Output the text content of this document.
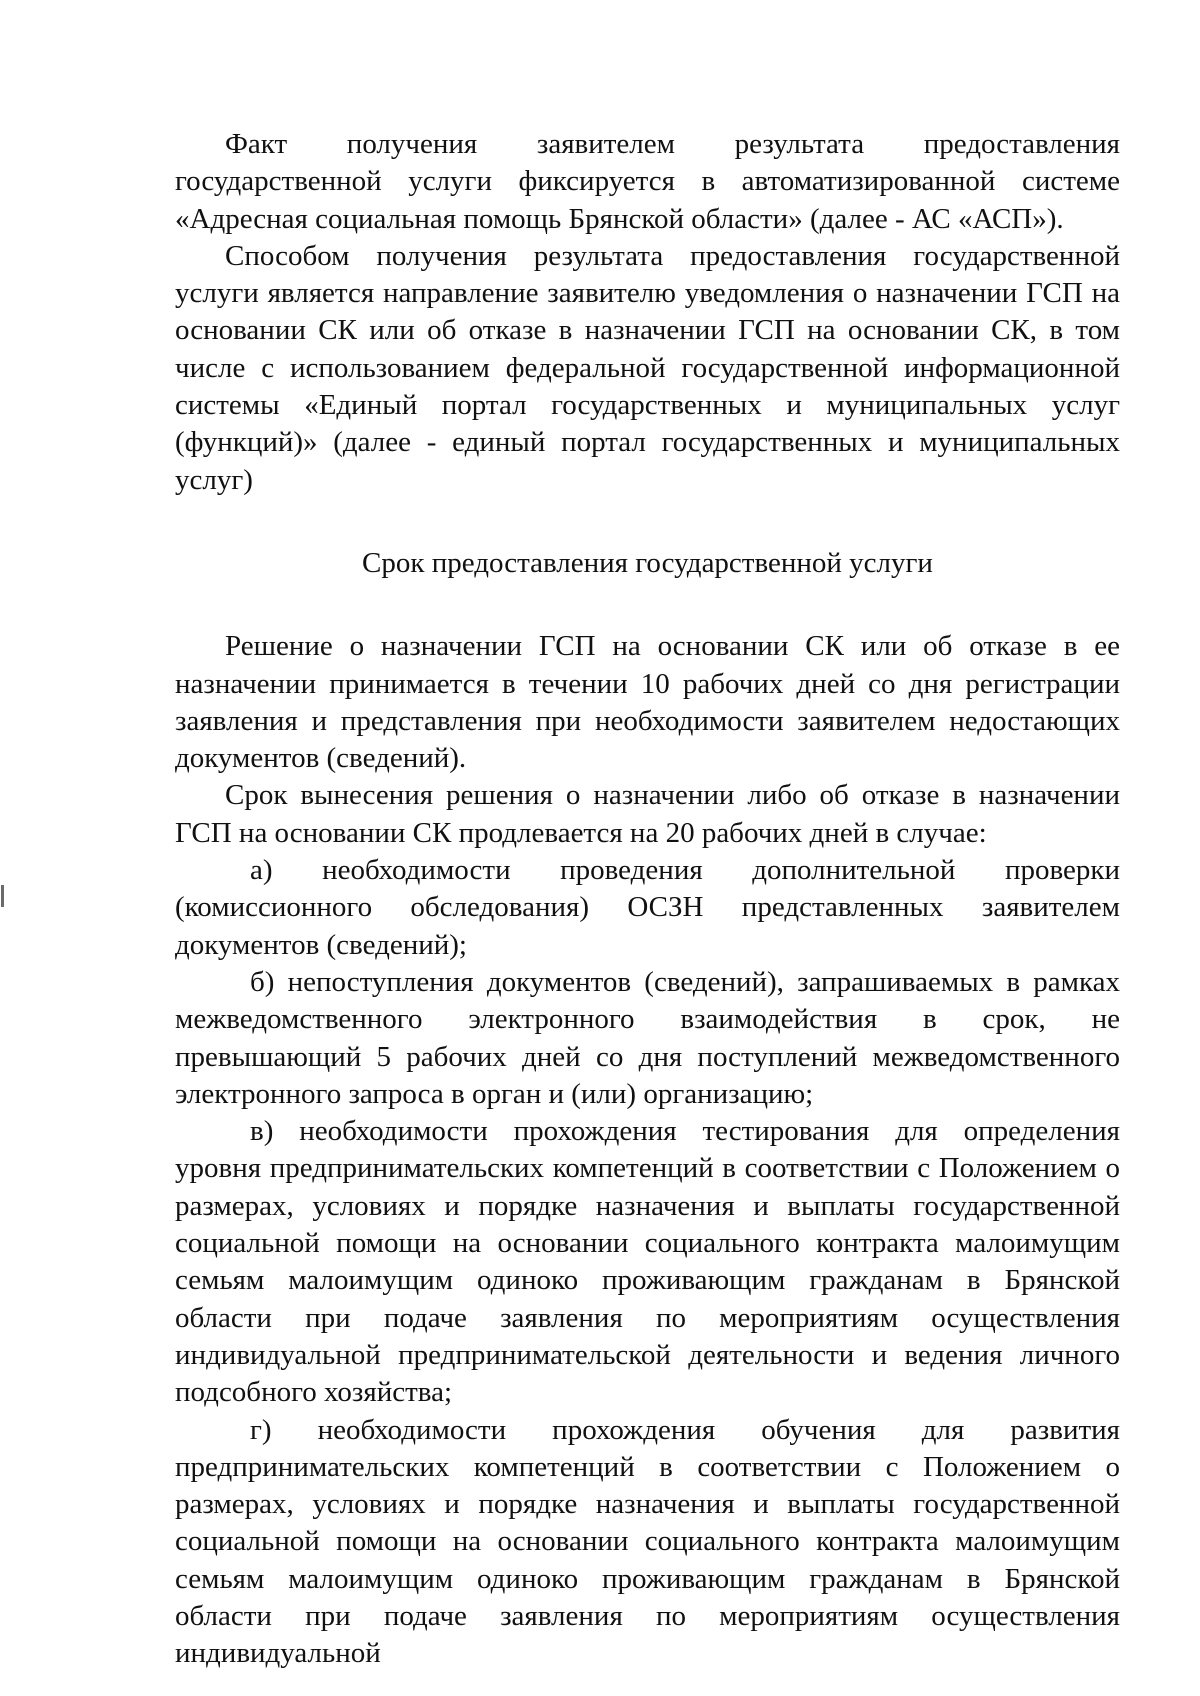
Факт получения заявителем результата предоставления государственной услуги фиксируется в автоматизированной системе «Адресная социальная помощь Брянской области» (далее - АС «АСП»).

Способом получения результата предоставления государственной услуги является направление заявителю уведомления о назначении ГСП на основании СК или об отказе в назначении ГСП на основании СК, в том числе с использованием федеральной государственной информационной системы «Единый портал государственных и муниципальных услуг (функций)» (далее - единый портал государственных и муниципальных услуг)

Срок предоставления государственной услуги

Решение о назначении ГСП на основании СК или об отказе в ее назначении принимается в течении 10 рабочих дней со дня регистрации заявления и представления при необходимости заявителем недостающих документов (сведений).

Срок вынесения решения о назначении либо об отказе в назначении ГСП на основании СК продлевается на 20 рабочих дней в случае:

а) необходимости проведения дополнительной проверки (комиссионного обследования) ОСЗН представленных заявителем документов (сведений);

б) непоступления документов (сведений), запрашиваемых в рамках межведомственного электронного взаимодействия в срок, не превышающий 5 рабочих дней со дня поступлений межведомственного электронного запроса в орган и (или) организацию;

в) необходимости прохождения тестирования для определения уровня предпринимательских компетенций в соответствии с Положением о размерах, условиях и порядке назначения и выплаты государственной социальной помощи на основании социального контракта малоимущим семьям малоимущим одиноко проживающим гражданам в Брянской области при подаче заявления по мероприятиям осуществления индивидуальной предпринимательской деятельности и ведения личного подсобного хозяйства;

г) необходимости прохождения обучения для развития предпринимательских компетенций в соответствии с Положением о размерах, условиях и порядке назначения и выплаты государственной социальной помощи на основании социального контракта малоимущим семьям малоимущим одиноко проживающим гражданам в Брянской области при подаче заявления по мероприятиям осуществления индивидуальной
